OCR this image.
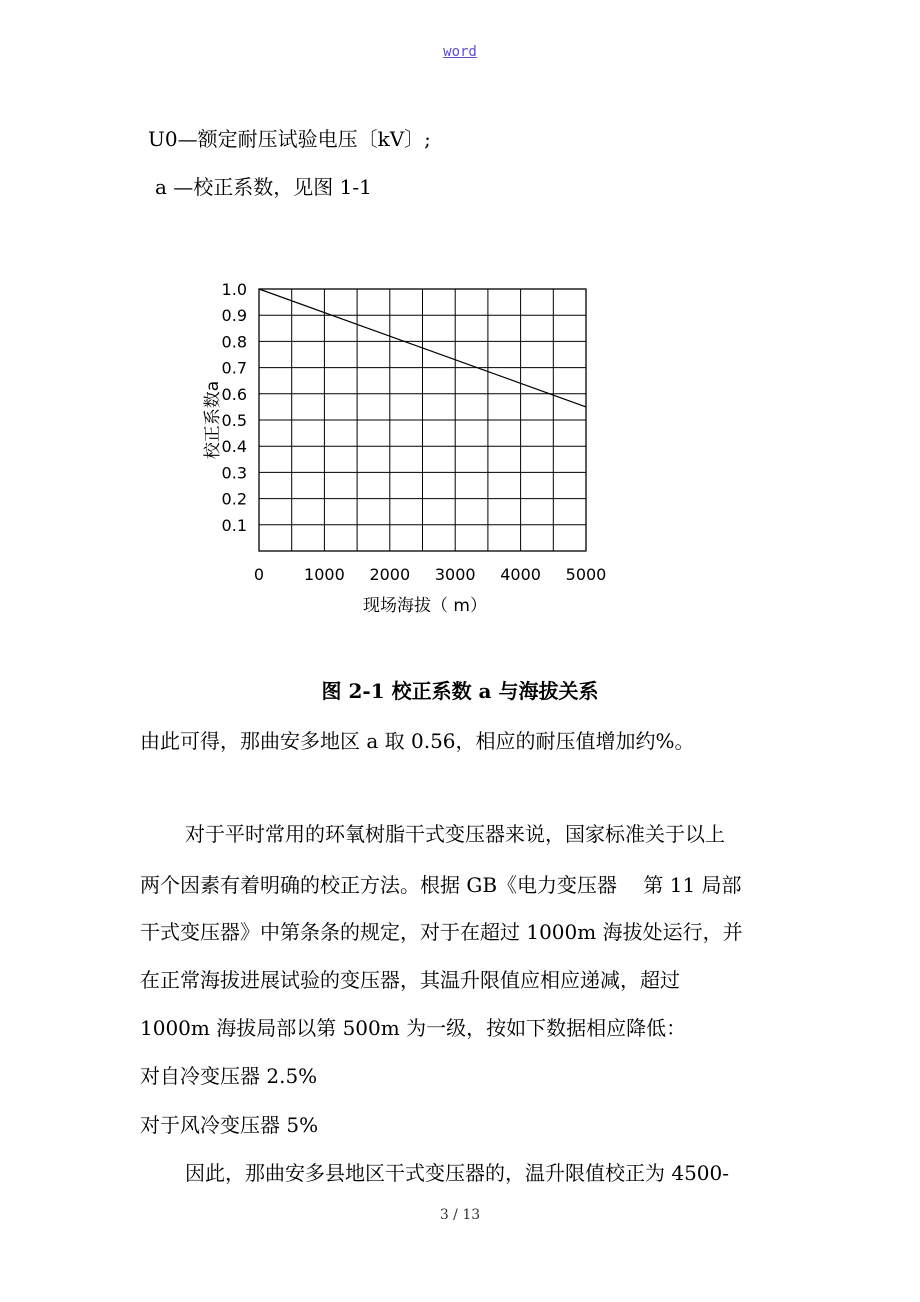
word
U0—额定耐压试验电压〔kV〕;
a —校正系数，见图 1-1
0.1
0.2
0.3
0.4
0.5
0.6
0.7
0.8
0.9
1.0
0 1000 2000 3000 4000 5000
校正系数a
现场海拔（ m）
图 2-1 校正系数 a 与海拔关系
由此可得，那曲安多地区 a 取 0.56，相应的耐压值增加约%。
对于平时常用的环氧树脂干式变压器来说，国家标准关于以上
两个因素有着明确的校正方法。根据 GB《电力变压器　 第 11 局部
干式变压器》中第条条的规定，对于在超过 1000m 海拔处运行，并
在正常海拔进展试验的变压器，其温升限值应相应递减，超过
1000m 海拔局部以第 500m 为一级，按如下数据相应降低：
对自冷变压器 2.5%
对于风冷变压器 5%
因此，那曲安多县地区干式变压器的，温升限值校正为 4500-
3 / 13
